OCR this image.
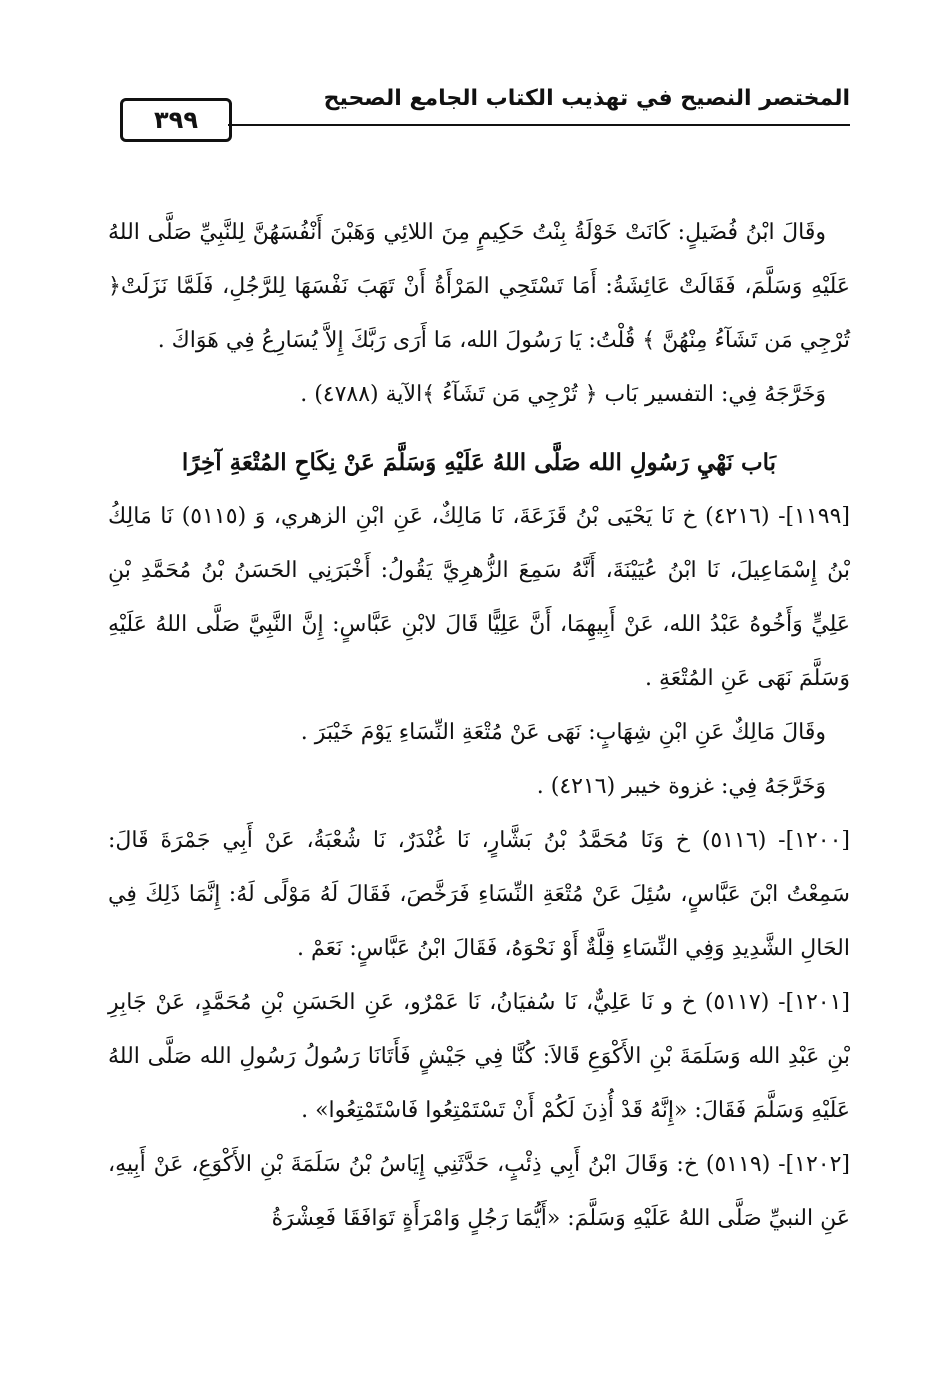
٣٩٩
المختصر النصيح في تهذيب الكتاب الجامع الصحيح

وقَالَ ابْنُ فُضَيلٍ: كَانَتْ خَوْلَةُ بِنْتُ حَكِيمٍ مِنَ اللائِي وَهَبْنَ أَنْفُسَهُنَّ لِلنَّبِيِّ صَلَّى اللهُ عَلَيْهِ وَسَلَّمَ، فَقَالَتْ عَائِشَةُ: أَمَا تَسْتَحِي المَرْأَةُ أَنْ تَهَبَ نَفْسَهَا لِلرَّجُلِ، فَلَمَّا نَزَلَتْ﴿ تُرْجِي مَن تَشَآءُ مِنْهُنَّ ﴾ قُلْتُ: يَا رَسُولَ الله، مَا أَرَى رَبَّكَ إِلاَّ يُسَارِعُ فِي هَوَاكَ .

وَخَرَّجَهُ فِي: التفسير بَاب ﴿ تُرْجِي مَن تَشَآءُ ﴾الآية (٤٧٨٨) .

بَاب نَهْيِ رَسُولِ الله صَلَّى اللهُ عَلَيْهِ وَسَلَّمَ عَنْ نِكَاحِ المُتْعَةِ آخِرًا

[١١٩٩]- (٤٢١٦) خ نَا يَحْيَى بْنُ قَزَعَةَ، نَا مَالِكٌ، عَنِ ابْنِ الزهري، وَ (٥١١٥) نَا مَالِكُ بْنُ إِسْمَاعِيلَ، نَا ابْنُ عُيَيْنَةَ، أَنَّهُ سَمِعَ الزُّهرِيَّ يَقُولُ: أَخْبَرَنِي الحَسَنُ بْنُ مُحَمَّدِ بْنِ عَلِيٍّ وَأَخُوهُ عَبْدُ الله، عَنْ أَبِيهِمَا، أَنَّ عَلِيًّا قَالَ لابْنِ عَبَّاسٍ: إِنَّ النَّبِيَّ صَلَّى اللهُ عَلَيْهِ وَسَلَّمَ نَهَى عَنِ المُتْعَةِ .

وقَالَ مَالِكٌ عَنِ ابْنِ شِهَابٍ: نَهَى عَنْ مُتْعَةِ النِّسَاءِ يَوْمَ خَيْبَرَ .

وَخَرَّجَهُ فِي: غزوة خيبر (٤٢١٦) .

[١٢٠٠]- (٥١١٦) خ وَنَا مُحَمَّدُ بْنُ بَشَّارٍ، نَا غُنْدَرٌ، نَا شُعْبَةُ، عَنْ أَبِي جَمْرَةَ قَالَ: سَمِعْتُ ابْنَ عَبَّاسٍ، سُئِلَ عَنْ مُتْعَةِ النِّسَاءِ فَرَخَّصَ، فَقَالَ لَهُ مَوْلًى لَهُ: إِنَّمَا ذَلِكَ فِي الحَالِ الشَّدِيدِ وَفِي النِّسَاءِ قِلَّةٌ أَوْ نَحْوَهُ، فَقَالَ ابْنُ عَبَّاسٍ: نَعَمْ .

[١٢٠١]- (٥١١٧) خ و نَا عَلِيٌّ، نَا سُفيَانُ، نَا عَمْرٌو، عَنِ الحَسَنِ بْنِ مُحَمَّدٍ، عَنْ جَابِرِ بْنِ عَبْدِ الله وَسَلَمَةَ بْنِ الأَكْوَعِ قَالاَ: كُنَّا فِي جَيْشٍ فَأَتَانَا رَسُولُ رَسُولِ الله صَلَّى اللهُ عَلَيْهِ وَسَلَّمَ فَقَالَ: «إِنَّهُ قَدْ أُذِنَ لَكُمْ أَنْ تَسْتَمْتِعُوا فَاسْتَمْتِعُوا» .

[١٢٠٢]- (٥١١٩) خ: وَقَالَ ابْنُ أَبِي ذِئْبٍ، حَدَّثَنِي إِيَاسُ بْنُ سَلَمَةَ بْنِ الأَكْوَعِ، عَنْ أَبِيهِ، عَنِ النبيِّ صَلَّى اللهُ عَلَيْهِ وَسَلَّمَ: «أَيُّمَا رَجُلٍ وَامْرَأَةٍ تَوَافَقَا فَعِشْرَةُ
